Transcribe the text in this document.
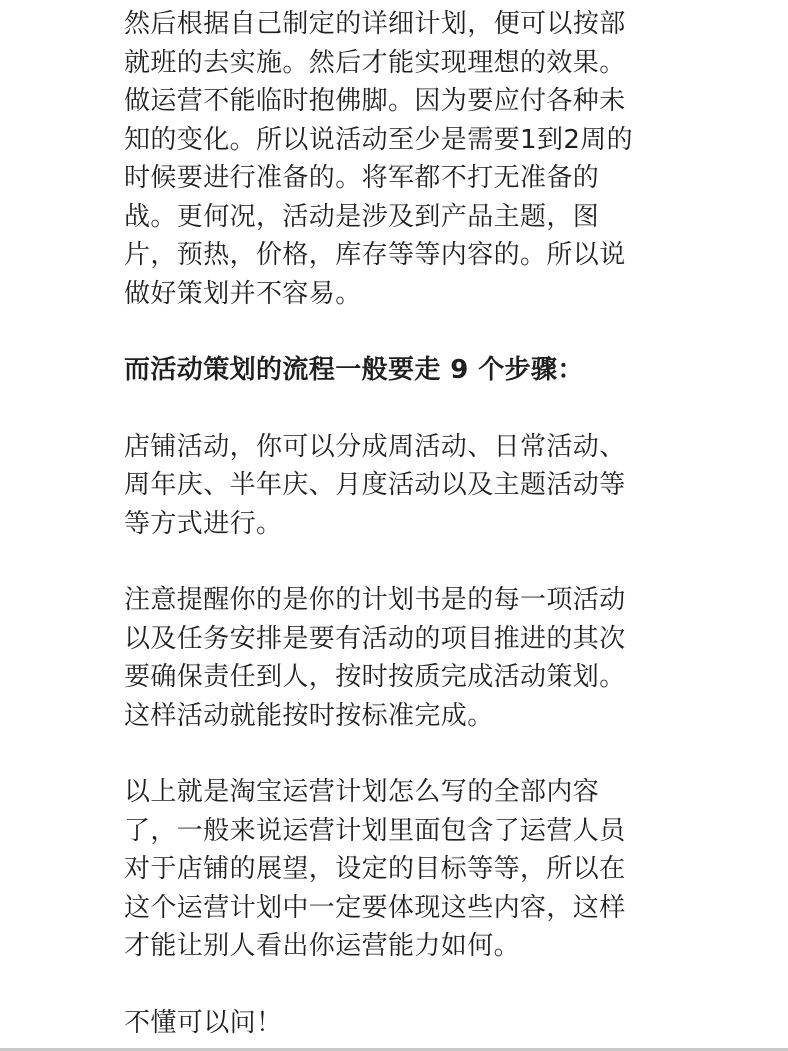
然后根据自己制定的详细计划，便可以按部
就班的去实施。然后才能实现理想的效果。
做运营不能临时抱佛脚。因为要应付各种未
知的变化。所以说活动至少是需要1到2周的
时候要进行准备的。将军都不打无准备的
战。更何况，活动是涉及到产品主题，图
片，预热，价格，库存等等内容的。所以说
做好策划并不容易。
而活动策划的流程一般要走 9 个步骤：
店铺活动，你可以分成周活动、日常活动、
周年庆、半年庆、月度活动以及主题活动等
等方式进行。
注意提醒你的是你的计划书是的每一项活动
以及任务安排是要有活动的项目推进的其次
要确保责任到人，按时按质完成活动策划。
这样活动就能按时按标准完成。
以上就是淘宝运营计划怎么写的全部内容
了，一般来说运营计划里面包含了运营人员
对于店铺的展望，设定的目标等等，所以在
这个运营计划中一定要体现这些内容，这样
才能让别人看出你运营能力如何。
不懂可以问！
